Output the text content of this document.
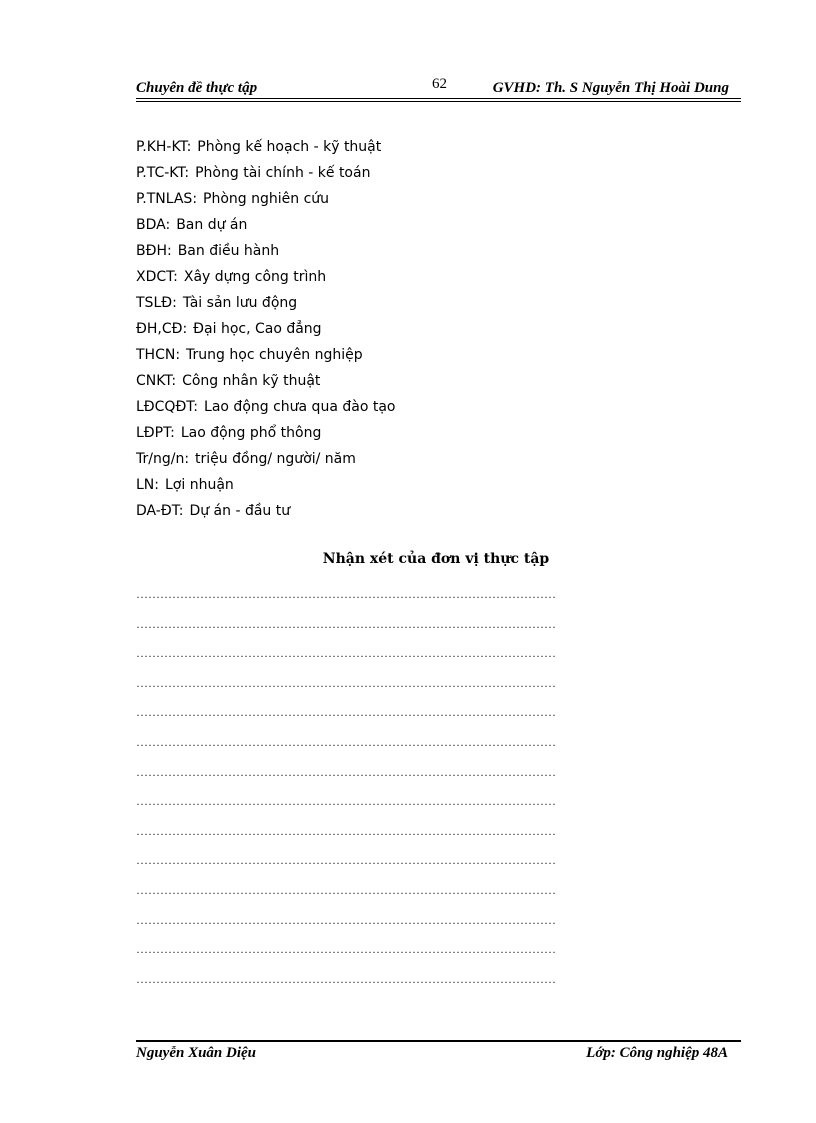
Chuyên đề thực tập	62	GVHD: Th. S Nguyễn Thị Hoài Dung
P.KH-KT: Phòng kế hoạch - kỹ thuật
P.TC-KT: Phòng tài chính - kế toán
P.TNLAS: Phòng nghiên cứu
BDA: Ban dự án
BĐH: Ban điều hành
XDCT: Xây dựng công trình
TSLĐ: Tài sản lưu động
ĐH,CĐ: Đại học, Cao đẳng
THCN: Trung học chuyên nghiệp
CNKT: Công nhân kỹ thuật
LĐCQĐT: Lao động chưa qua đào tạo
LĐPT: Lao động phổ thông
Tr/ng/n: triệu đồng/ người/ năm
LN: Lợi nhuận
DA-ĐT: Dự án - đầu tư
Nhận xét của đơn vị thực tập
……………………………………………………………………………………………
……………………………………………………………………………………………
……………………………………………………………………………………………
……………………………………………………………………………………………
……………………………………………………………………………………………
……………………………………………………………………………………………
……………………………………………………………………………………………
……………………………………………………………………………………………
……………………………………………………………………………………………
……………………………………………………………………………………………
……………………………………………………………………………………………
……………………………………………………………………………………………
……………………………………………………………………………………………
……………………………………………………………………………………………
Nguyễn Xuân Diệu	Lớp: Công nghiệp 48A
